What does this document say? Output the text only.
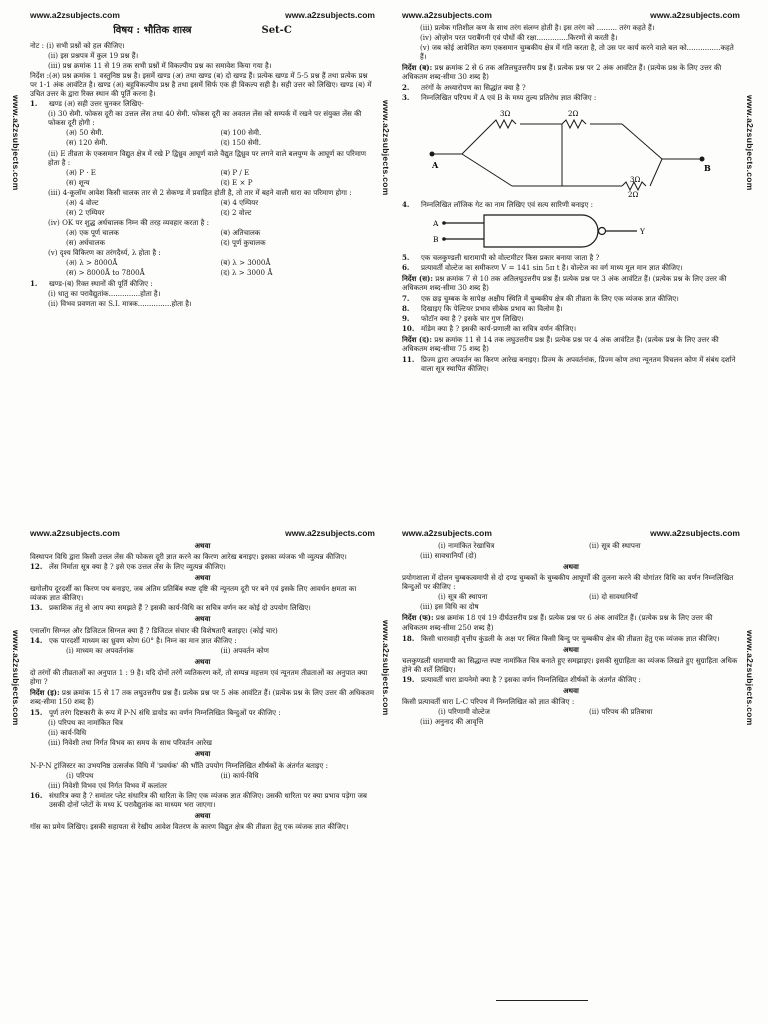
www.a2zsubjects.com	www.a2zsubjects.com
विषय : भौतिक शास्त्र	Set-C
नोट : (i) सभी प्रश्नों को हल कीजिए।
(ii) इस प्रश्नपत्र में कुल 19 प्रश्न हैं।
(iii) प्रश्न क्रमांक 11 से 19 तक सभी प्रश्नों में विकल्पीय प्रश्न का समावेश किया गया है।
निर्देश :(अ) प्रश्न क्रमांक 1 वस्तुनिष्ठ प्रश्न है। इसमें खण्ड (अ) तथा खण्ड (ब) दो खण्ड हैं। प्रत्येक खण्ड में 5-5 प्रश्न हैं तथा प्रत्येक प्रश्न पर 1-1 अंक आवंटित है। खण्ड (अ) बहुविकल्पीय प्रश्न है तथा इसमें सिर्फ एक ही विकल्प सही है। सही उत्तर को लिखिए। खण्ड (ब) में उचित उत्तर के द्वारा रिक्त स्थान की पूर्ति करना है।
1.	खण्ड (अ) सही उत्तर चुनकर लिखिए-
(i) 30 सेमी. फोकस दूरी का उत्तल लेंस तथा 40 सेमी. फोकस दूरी का अवतल लेंस को सम्पर्क में रखने पर संयुक्त लेंस की फोकस दूरी होगी :
(अ) 50 सेमी.	(ब) 100 सेमी.
(स) 120 सेमी.	(द) 150 सेमी.
(ii) E तीव्रता के एकसमान विद्युत क्षेत्र में रखे P द्विध्रुव आघूर्ण वाले वैद्युत द्विध्रुव पर लगने वाले बलयुग्म के आघूर्ण का परिमाण होता है :
(अ) P · E	(ब) P / E
(स) शून्य	(द) E × P
(iii) 4-कूलॉम आवेश किसी चालक तार से 2 सेकण्ड में प्रवाहित होती है, तो तार में बहने वाली धारा का परिमाण होगा :
(अ) 4 वोल्ट	(ब) 4 एम्पियर
(स) 2 एम्पियर	(द) 2 वोल्ट
(iv) OK पर शुद्ध अर्धचालक निम्न की तरह व्यवहार करता है :
(अ) एक पूर्ण चालक	(ब) अतिचालक
(स) अर्धचालक	(द) पूर्ण कुचालक
(v) दृश्य विकिरण का तरंगदैर्ध्य, λ होता है :
(अ) λ > 8000Å	(ब) λ > 3000Å
(स) > 8000Å to 7800Å	(द) λ > 3000 Å
1.	खण्ड-(ब) रिक्त स्थानों की पूर्ति कीजिए :
(i) धातु का परावैद्युतांक..............होता है।
(ii) विभव प्रवणता का S.I. मात्रक...............होता है।
www.a2zsubjects.com	www.a2zsubjects.com
(iii) प्रत्येक गतिशील कण के साथ तरंग संलग्न होती है। इस तरंग को ......... तरंग कहते हैं।
(iv) ओज़ोन परत पराबैंगनी एवं पौधों की रक्षा..............किरणों से करती है।
(v) जब कोई आवेशित कण एकसमान चुम्बकीय क्षेत्र में गति करता है, तो उस पर कार्य करने वाले बल को...............कहते हैं।
निर्देश (ब): प्रश्न क्रमांक 2 से 6 तक अतिलघुउत्तरीय प्रश्न हैं। प्रत्येक प्रश्न पर 2 अंक आवंटित हैं। (प्रत्येक प्रश्न के लिए उत्तर की अधिकतम शब्द-सीमा 30 शब्द है)
2.	तरंगों के अध्यारोपण का सिद्धांत क्या है ?
3.	निम्नलिखित परिपथ में A एवं B के मध्य तुल्य प्रतिरोध ज्ञात कीजिए :
A	B
3Ω	2Ω
3Ω
2Ω
4.	निम्नलिखित लॉजिक गेट का नाम लिखिए एवं सत्य सारिणी बनाइए :
A
B
Y
5.	एक चलकुण्डली धारामापी को वोल्टमीटर किस प्रकार बनाया जाता है ?
6.	प्रत्यावर्ती वोल्टेज का समीकरण V = 141 sin 5π t है। वोल्टेज का वर्ग माध्य मूल मान ज्ञात कीजिए।
निर्देश (स): प्रश्न क्रमांक 7 से 10 तक अतिलघुउत्तरीय प्रश्न हैं। प्रत्येक प्रश्न पर 3 अंक आवंटित हैं। (प्रत्येक प्रश्न के लिए उत्तर की अधिकतम शब्द-सीमा 30 शब्द है)
7.	एक छड़ चुम्बक के सापेक्ष अक्षीय स्थिति में चुम्बकीय क्षेत्र की तीव्रता के लिए एक व्यंजक ज्ञात कीजिए।
8.	दिखाइए कि पेल्टियर प्रभाव सीबेक प्रभाव का विलोम है।
9.	फोटॉन क्या है ? इसके चार गुण लिखिए।
10. मॉडेम क्या है ? इसकी कार्य-प्रणाली का सचित्र वर्णन कीजिए।
निर्देश (द): प्रश्न क्रमांक 11 से 14 तक लघुउत्तरीय प्रश्न हैं। प्रत्येक प्रश्न पर 4 अंक आवंटित हैं। (प्रत्येक प्रश्न के लिए उत्तर की अधिकतम शब्द-सीमा 75 शब्द है)
11. प्रिज्म द्वारा अपवर्तन का किरण आरेख बनाइए। प्रिज्म के अपवर्तनांक, प्रिज्म कोण तथा न्यूनतम विचलन कोण में संबंध दर्शाने वाला सूत्र स्थापित कीजिए।
www.a2zsubjects.com	www.a2zsubjects.com
अथवा
विस्थापन विधि द्वारा किसी उत्तल लेंस की फोकस दूरी ज्ञात करने का किरण आरेख बनाइए। इसका व्यंजक भी व्युत्पन्न कीजिए।
12. लेंस निर्माता सूत्र क्या है ? इसे एक उत्तल लेंस के लिए व्युत्पन्न कीजिए।
अथवा
खगोलीय दूरदर्शी का किरण पथ बनाइए, जब अंतिम प्रतिबिंब स्पष्ट दृष्टि की न्यूनतम दूरी पर बने एवं इसके लिए आवर्धन क्षमता का व्यंजक ज्ञात कीजिए।
13. प्रकाशिक तंतु से आप क्या समझते हैं ? इसकी कार्य-विधि का सचित्र वर्णन कर कोई दो उपयोग लिखिए।
अथवा
एनालॉग सिग्नल और डिजिटल सिग्नल क्या हैं ? डिजिटल संचार की विशेषताएँ बताइए। (कोई चार)
14. एक पारदर्शी माध्यम का ध्रुवण कोण 60° है। निम्न का मान ज्ञात कीजिए :
(i) माध्यम का अपवर्तनांक	(ii) अपवर्तन कोण
अथवा
दो तरंगों की तीव्रताओं का अनुपात 1 : 9 है। यदि दोनों तरंगें व्यतिकरण करें, तो सम्पन्न महत्तम एवं न्यूनतम तीव्रताओं का अनुपात क्या होगा ?
निर्देश (इ): प्रश्न क्रमांक 15 से 17 तक लघुउत्तरीय प्रश्न हैं। प्रत्येक प्रश्न पर 5 अंक आवंटित हैं। (प्रत्येक प्रश्न के लिए उत्तर की अधिकतम शब्द-सीमा 150 शब्द है)
15. पूर्ण तरंग दिष्टकारी के रूप में P-N संधि डायोड का वर्णन निम्नलिखित बिन्दुओं पर कीजिए :
(i) परिपथ का नामांकित चित्र
(ii) कार्य-विधि
(iii) निवेशी तथा निर्गत विभव का समय के साथ परिवर्तन आरेख
अथवा
N-P-N ट्रांजिस्टर का उभयनिष्ठ उत्सर्जक विधि में 'प्रवर्धक' की भाँति उपयोग निम्नलिखित शीर्षकों के अंतर्गत बताइए :
(i) परिपथ	(ii) कार्य-विधि
(iii) निवेशी विभव एवं निर्गत विभव में कलांतर
16. संधारित्र क्या है ? समांतर प्लेट संधारित्र की धारिता के लिए एक व्यंजक ज्ञात कीजिए। उसकी धारिता पर क्या प्रभाव पड़ेगा जब उसकी दोनों प्लेटों के मध्य K परावैद्युतांक का माध्यम भरा जाएगा।
अथवा
गॉस का प्रमेय लिखिए। इसकी सहायता से रेखीय आवेश वितरण के कारण विद्युत क्षेत्र की तीव्रता हेतु एक व्यंजक ज्ञात कीजिए।
www.a2zsubjects.com	www.a2zsubjects.com
(i) नामांकित रेखाचित्र	(ii) सूत्र की स्थापना
(iii) सावधानियाँ (दो)
अथवा
प्रयोगशाला में दोलन चुम्बकत्वमापी से दो दण्ड चुम्बकों के चुम्बकीय आघूर्णों की तुलना करने की योगांतर विधि का वर्णन निम्नलिखित बिन्दुओं पर कीजिए :
(i) सूत्र की स्थापना	(ii) दो सावधानियाँ
(iii) इस विधि का दोष
निर्देश (फ): प्रश्न क्रमांक 18 एवं 19 दीर्घउत्तरीय प्रश्न हैं। प्रत्येक प्रश्न पर 6 अंक आवंटित हैं। (प्रत्येक प्रश्न के लिए उत्तर की अधिकतम शब्द-सीमा 250 शब्द है)
18. किसी धारावाही वृत्तीय कुंडली के अक्ष पर स्थित किसी बिन्दु पर चुम्बकीय क्षेत्र की तीव्रता हेतु एक व्यंजक ज्ञात कीजिए।
अथवा
चलकुण्डली धारामापी का सिद्धान्त स्पष्ट नामांकित चित्र बनाते हुए समझाइए। इसकी सुग्राहिता का व्यंजक लिखते हुए सुग्राहिता अधिक होने की शर्तें लिखिए।
19. प्रत्यावर्ती धारा डायनेमो क्या है ? इसका वर्णन निम्नलिखित शीर्षकों के अंतर्गत कीजिए :
अथवा
किसी प्रत्यावर्ती धारा L-C परिपथ में निम्नलिखित को ज्ञात कीजिए :
(i) परिणामी वोल्टेज	(ii) परिपथ की प्रतिबाधा
(iii) अनुनाद की आवृत्ति
www.a2zsubjects.com	www.a2zsubjects.com	www.a2zsubjects.com
www.a2zsubjects.com	www.a2zsubjects.com	www.a2zsubjects.com
